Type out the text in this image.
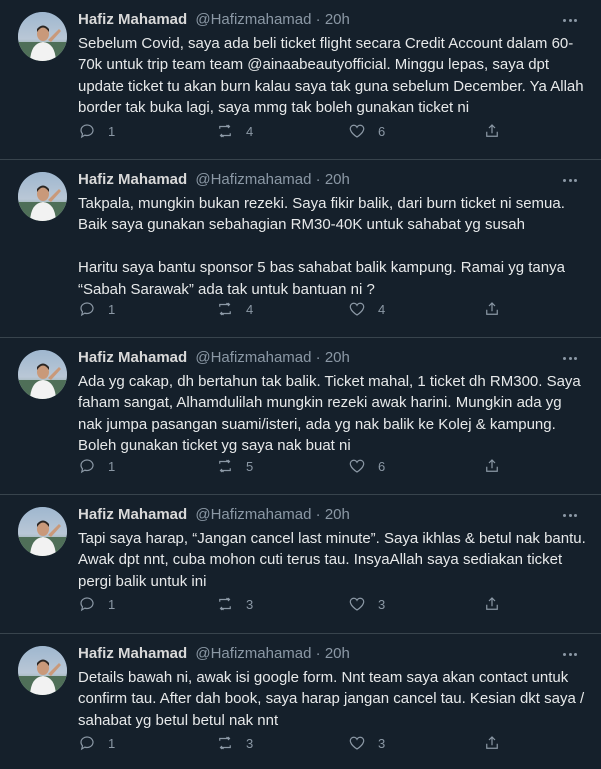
Hafiz Mahamad @Hafizmahamad · 20h
Sebelum Covid, saya ada beli ticket flight secara Credit Account dalam 60-70k untuk trip team team @ainaabeautyofficial. Minggu lepas, saya dpt update ticket tu akan burn kalau saya tak guna sebelum December. Ya Allah border tak buka lagi, saya mmg tak boleh gunakan ticket ni
1	4	6
Hafiz Mahamad @Hafizmahamad · 20h
Takpala, mungkin bukan rezeki. Saya fikir balik, dari burn ticket ni semua. Baik saya gunakan sebahagian RM30-40K untuk sahabat yg susah

Haritu saya bantu sponsor 5 bas sahabat balik kampung. Ramai yg tanya “Sabah Sarawak” ada tak untuk bantuan ni ?
1	4	4
Hafiz Mahamad @Hafizmahamad · 20h
Ada yg cakap, dh bertahun tak balik. Ticket mahal, 1 ticket dh RM300. Saya faham sangat, Alhamdulilah mungkin rezeki awak harini. Mungkin ada yg nak jumpa pasangan suami/isteri, ada yg nak balik ke Kolej & kampung. Boleh gunakan ticket yg saya nak buat ni
1	5	6
Hafiz Mahamad @Hafizmahamad · 20h
Tapi saya harap, “Jangan cancel last minute”. Saya ikhlas & betul nak bantu. Awak dpt nnt, cuba mohon cuti terus tau. InsyaAllah saya sediakan ticket pergi balik untuk ini
1	3	3
Hafiz Mahamad @Hafizmahamad · 20h
Details bawah ni, awak isi google form. Nnt team saya akan contact untuk confirm tau. After dah book, saya harap jangan cancel tau. Kesian dkt saya / sahabat yg betul betul nak nnt
1	3	3
